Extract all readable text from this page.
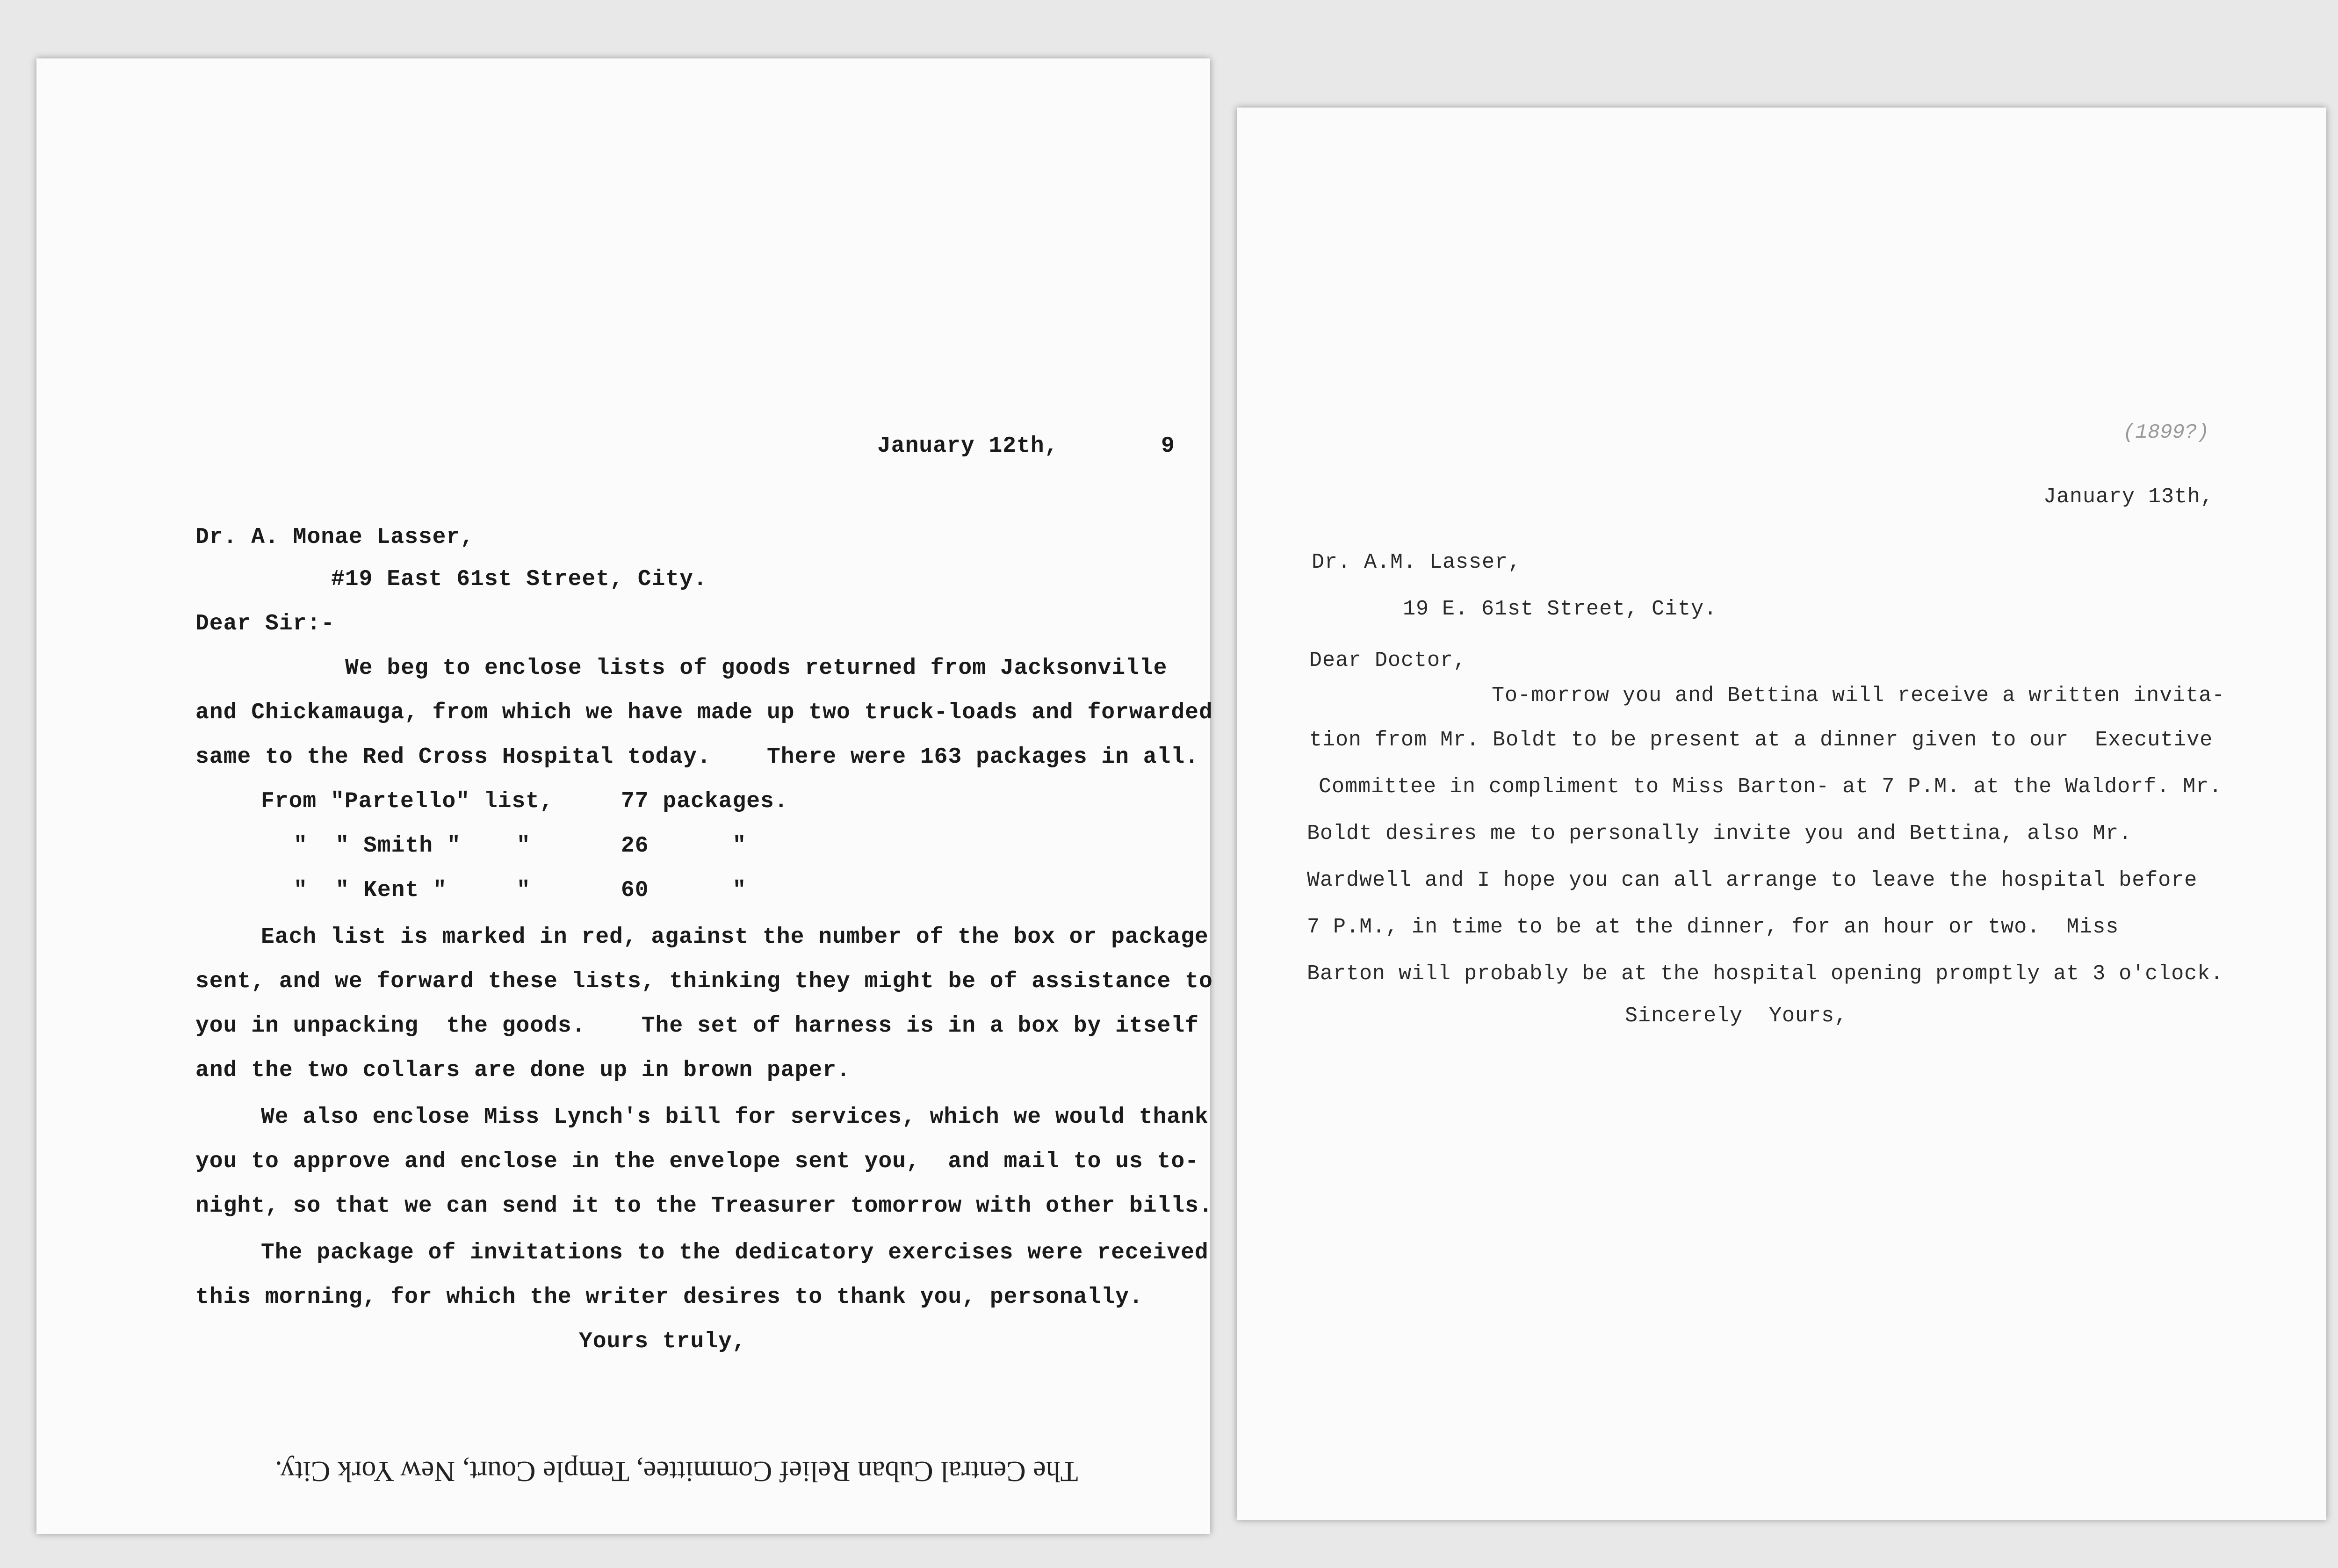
January 12th,	9
Dr. A. Monae Lasser,
#19 East 61st Street, City.
Dear Sir:-
We beg to enclose lists of goods returned from Jacksonville
and Chickamauga, from which we have made up two truck-loads and forwarded
same to the Red Cross Hospital today.    There were 163 packages in all.
From "Partello" list,	77 packages.
"  " Smith "    "	26      "
"  " Kent "     "	60      "
Each list is marked in red, against the number of the box or package
sent, and we forward these lists, thinking they might be of assistance to
you in unpacking  the goods.    The set of harness is in a box by itself
and the two collars are done up in brown paper.
We also enclose Miss Lynch's bill for services, which we would thank
you to approve and enclose in the envelope sent you,  and mail to us to-
night, so that we can send it to the Treasurer tomorrow with other bills.
The package of invitations to the dedicatory exercises were received
this morning, for which the writer desires to thank you, personally.
Yours truly,
The Central Cuban Relief Committee, Temple Court, New York City.
(1899?)
January 13th,
Dr. A.M. Lasser,
19 E. 61st Street, City.
Dear Doctor,
To-morrow you and Bettina will receive a written invita-
tion from Mr. Boldt to be present at a dinner given to our  Executive
Committee in compliment to Miss Barton- at 7 P.M. at the Waldorf. Mr.
Boldt desires me to personally invite you and Bettina, also Mr.
Wardwell and I hope you can all arrange to leave the hospital before
7 P.M., in time to be at the dinner, for an hour or two.  Miss
Barton will probably be at the hospital opening promptly at 3 o'clock.
Sincerely  Yours,
